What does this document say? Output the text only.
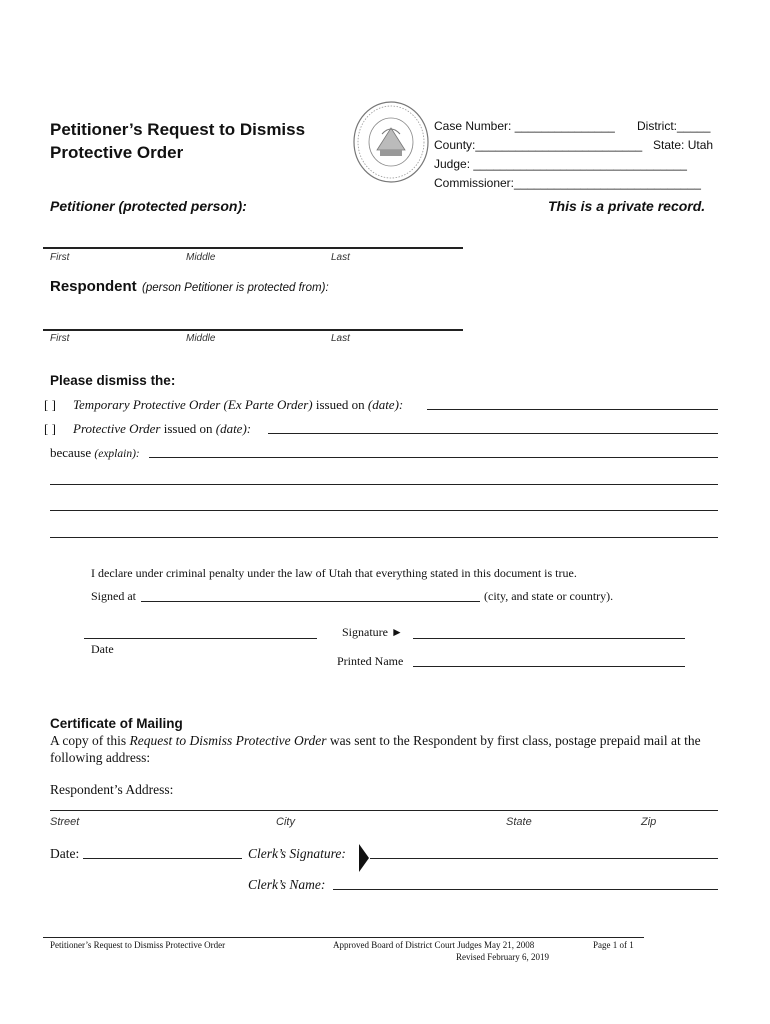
Petitioner’s Request to Dismiss
Protective Order
Case Number: _______________ District:_____
County:_________________________ State: Utah
Judge: ________________________________
Commissioner:____________________________
Petitioner (protected person):	This is a private record.
First	Middle	Last
Respondent (person Petitioner is protected from):
First	Middle	Last
Please dismiss the:
[ ] Temporary Protective Order (Ex Parte Order) issued on (date):
[ ] Protective Order issued on (date):
because (explain):
I declare under criminal penalty under the law of Utah that everything stated in this document is true.
Signed at	(city, and state or country).
Signature ►
Date
Printed Name
Certificate of Mailing
A copy of this Request to Dismiss Protective Order was sent to the Respondent by first class, postage prepaid mail at the
following address:
Respondent’s Address:
Street	City	State	Zip
Date:	Clerk’s Signature:
Clerk’s Name:
Petitioner’s Request to Dismiss Protective Order	Approved Board of District Court Judges May 21, 2008
Revised February 6, 2019
Page 1 of 1
